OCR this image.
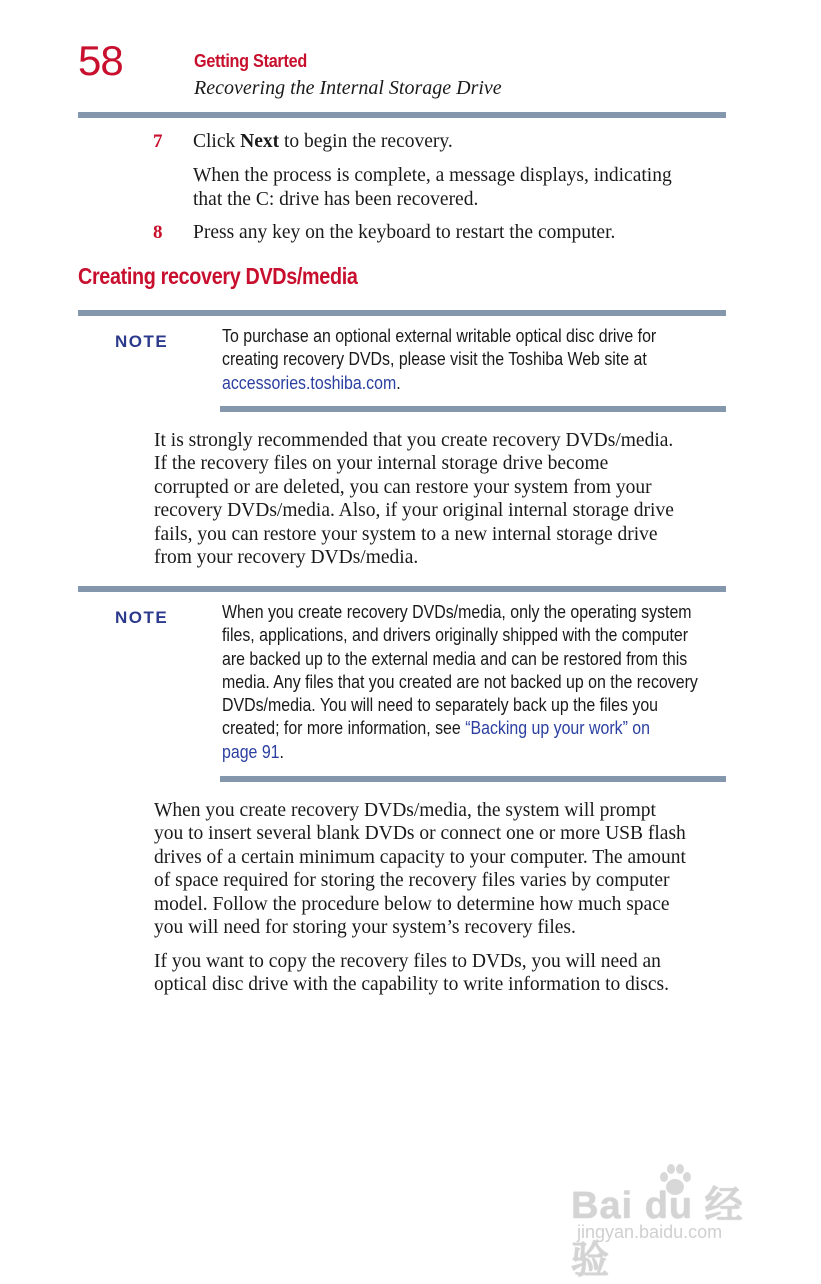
58	Getting Started
Recovering the Internal Storage Drive
7 Click Next to begin the recovery.
When the process is complete, a message displays, indicating
that the C: drive has been recovered.
8 Press any key on the keyboard to restart the computer.
Creating recovery DVDs/media
NOTE	To purchase an optional external writable optical disc drive for
creating recovery DVDs, please visit the Toshiba Web site at
accessories.toshiba.com.
It is strongly recommended that you create recovery DVDs/media.
If the recovery files on your internal storage drive become
corrupted or are deleted, you can restore your system from your
recovery DVDs/media. Also, if your original internal storage drive
fails, you can restore your system to a new internal storage drive
from your recovery DVDs/media.
NOTE	When you create recovery DVDs/media, only the operating system
files, applications, and drivers originally shipped with the computer
are backed up to the external media and can be restored from this
media. Any files that you created are not backed up on the recovery
DVDs/media. You will need to separately back up the files you
created; for more information, see “Backing up your work” on
page 91.
When you create recovery DVDs/media, the system will prompt
you to insert several blank DVDs or connect one or more USB flash
drives of a certain minimum capacity to your computer. The amount
of space required for storing the recovery files varies by computer
model. Follow the procedure below to determine how much space
you will need for storing your system’s recovery files.
If you want to copy the recovery files to DVDs, you will need an
optical disc drive with the capability to write information to discs.
Bai du 经验
jingyan.baidu.com
